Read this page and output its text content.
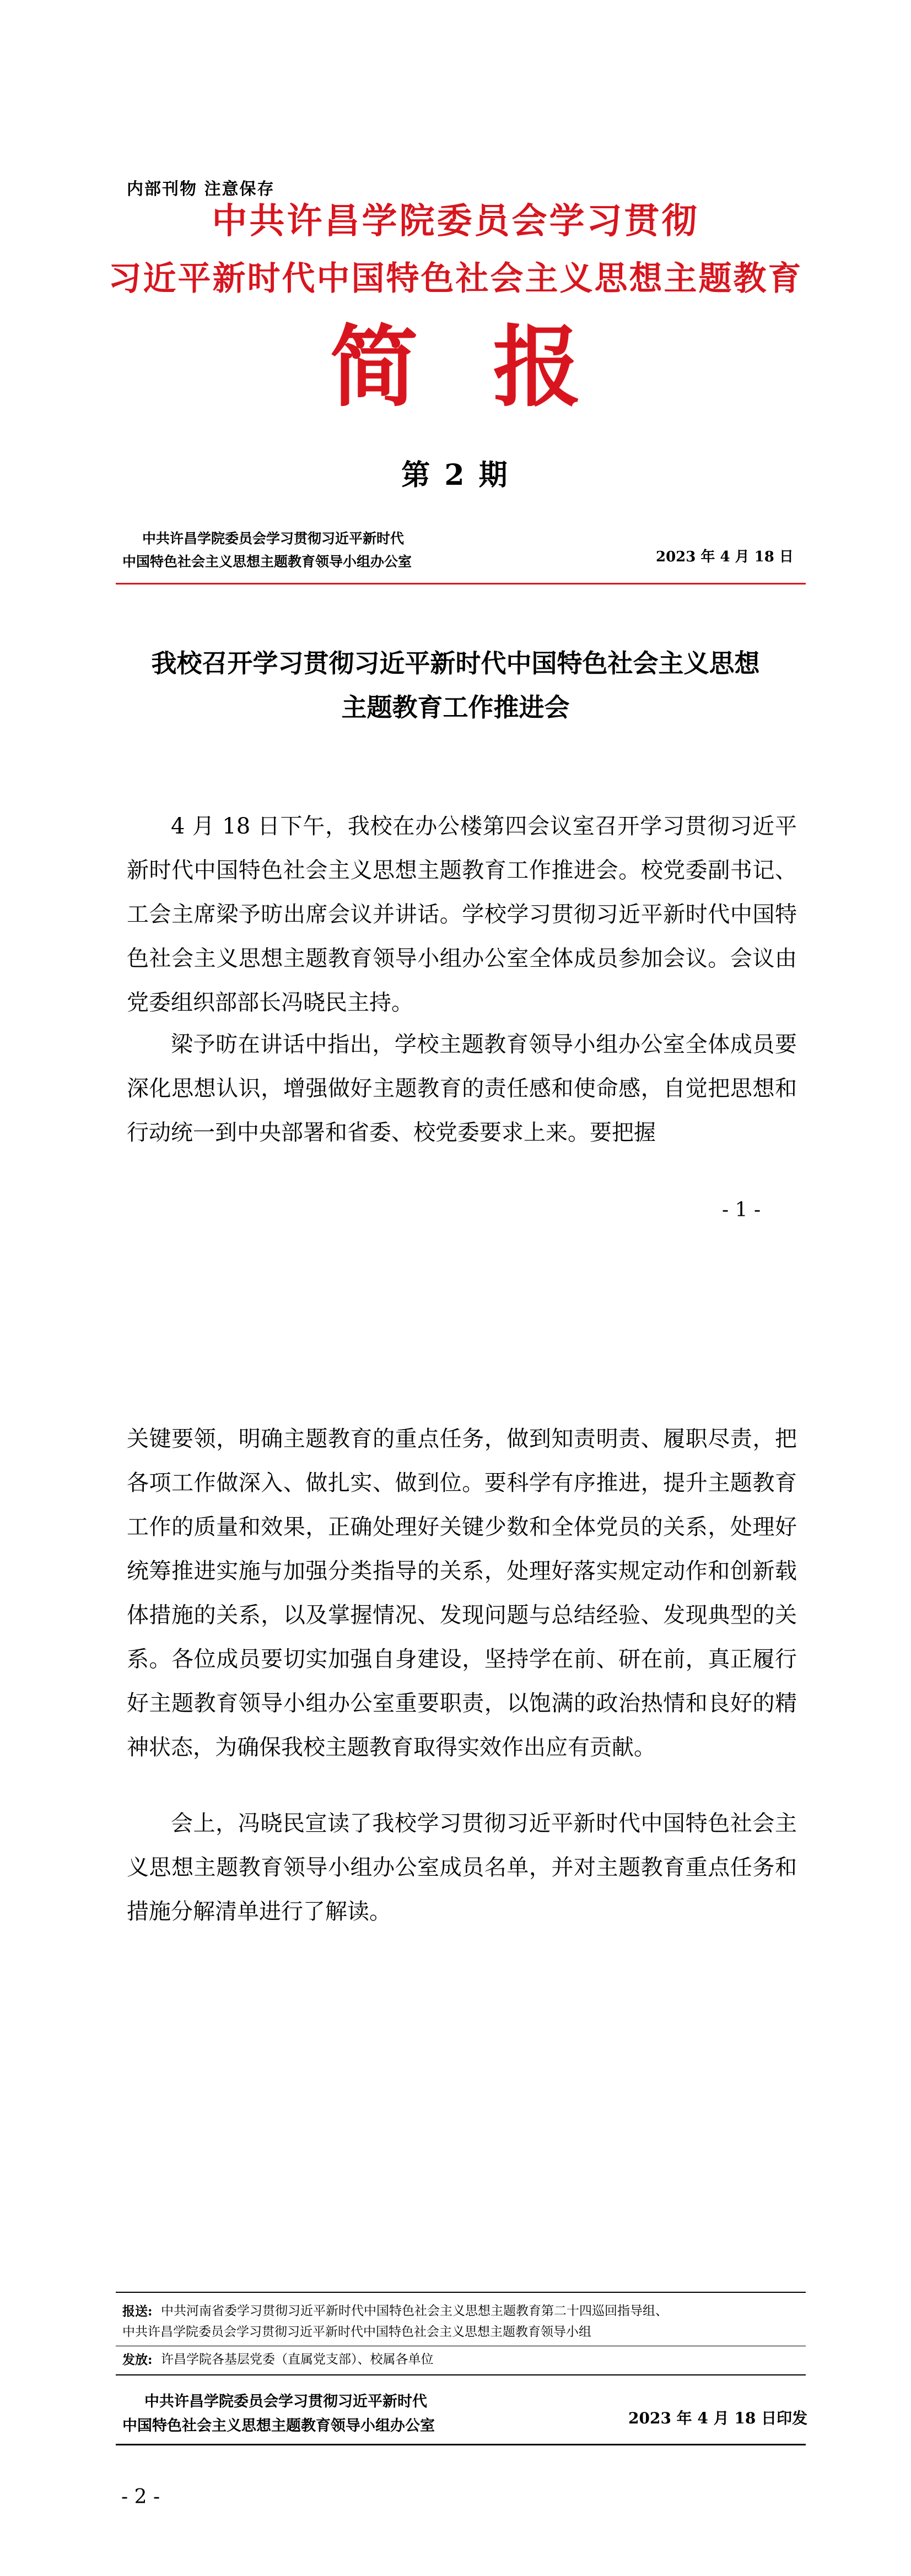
内部刊物 注意保存
中共许昌学院委员会学习贯彻
习近平新时代中国特色社会主义思想主题教育
简 报
第 2 期
中共许昌学院委员会学习贯彻习近平新时代
中国特色社会主义思想主题教育领导小组办公室	2023 年 4 月 18 日
我校召开学习贯彻习近平新时代中国特色社会主义思想
主题教育工作推进会

4 月 18 日下午，我校在办公楼第四会议室召开学习贯彻习近平新时代中国特色社会主义思想主题教育工作推进会。校党委副书记、工会主席梁予昉出席会议并讲话。学校学习贯彻习近平新时代中国特色社会主义思想主题教育领导小组办公室全体成员参加会议。会议由党委组织部部长冯晓民主持。

梁予昉在讲话中指出，学校主题教育领导小组办公室全体成员要深化思想认识，增强做好主题教育的责任感和使命感，自觉把思想和行动统一到中央部署和省委、校党委要求上来。要把握

- 1 -

关键要领，明确主题教育的重点任务，做到知责明责、履职尽责，把各项工作做深入、做扎实、做到位。要科学有序推进，提升主题教育工作的质量和效果，正确处理好关键少数和全体党员的关系，处理好统筹推进实施与加强分类指导的关系，处理好落实规定动作和创新载体措施的关系，以及掌握情况、发现问题与总结经验、发现典型的关系。各位成员要切实加强自身建设，坚持学在前、研在前，真正履行好主题教育领导小组办公室重要职责，以饱满的政治热情和良好的精神状态，为确保我校主题教育取得实效作出应有贡献。

会上，冯晓民宣读了我校学习贯彻习近平新时代中国特色社会主义思想主题教育领导小组办公室成员名单，并对主题教育重点任务和措施分解清单进行了解读。

报送: 中共河南省委学习贯彻习近平新时代中国特色社会主义思想主题教育第二十四巡回指导组、
中共许昌学院委员会学习贯彻习近平新时代中国特色社会主义思想主题教育领导小组
发放: 许昌学院各基层党委（直属党支部）、校属各单位
中共许昌学院委员会学习贯彻习近平新时代
中国特色社会主义思想主题教育领导小组办公室	2023 年 4 月 18 日印发
- 2 -
